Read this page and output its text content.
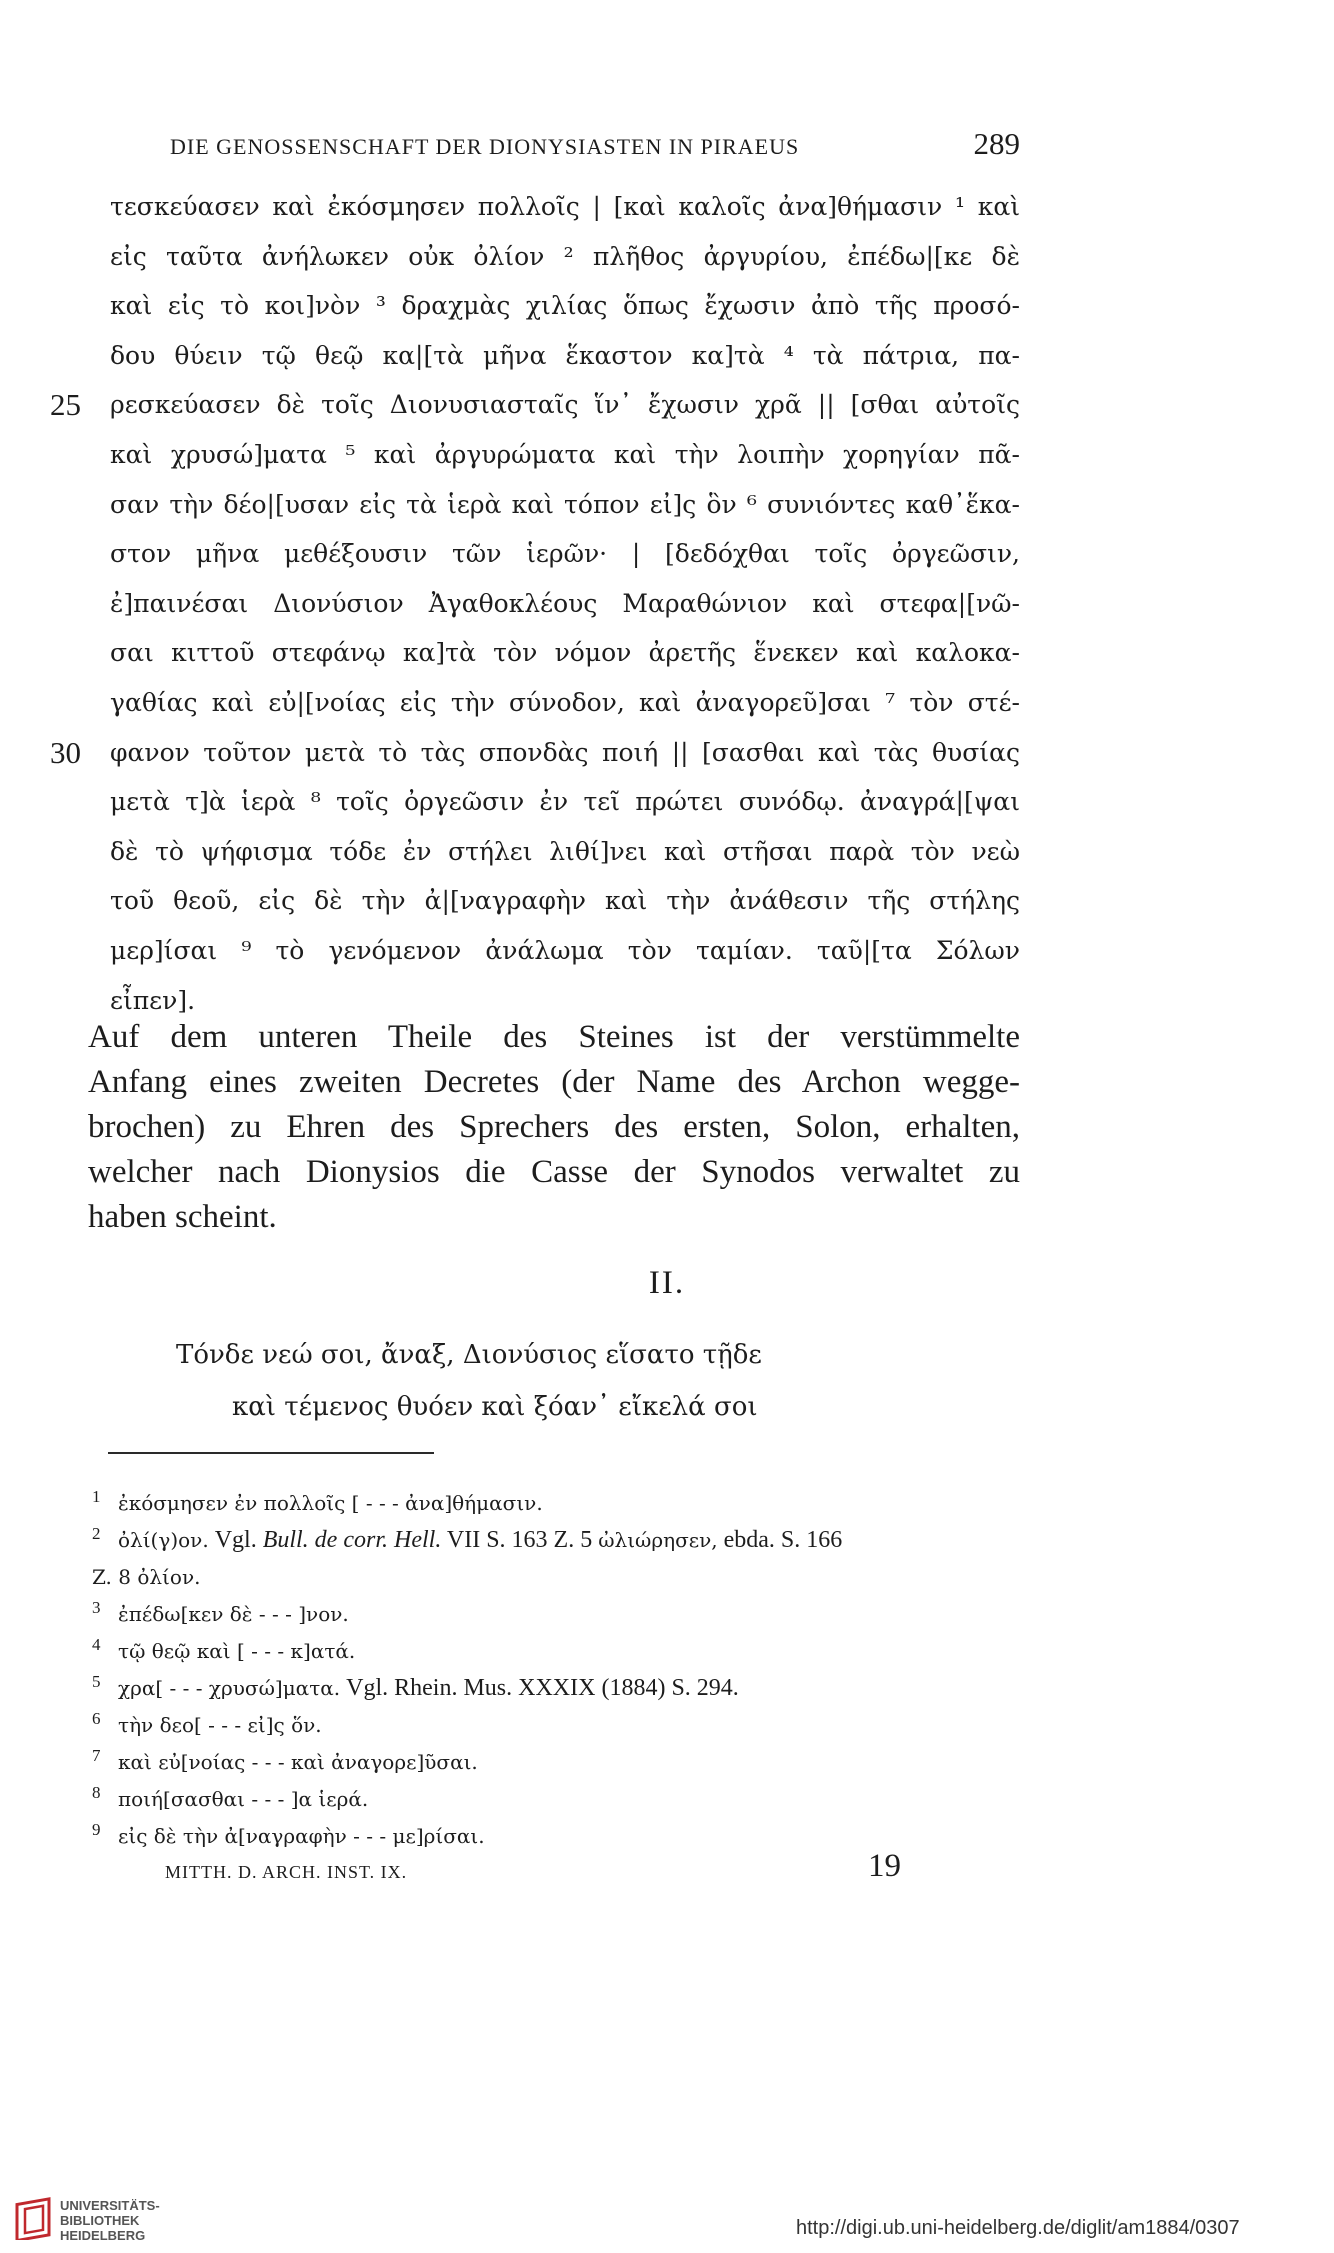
DIE GENOSSENSCHAFT DER DIONYSIASTEN IN PIRAEUS	289
τεσκεύασεν καὶ ἐκόσμησεν πολλοῖς | [καὶ καλοῖς ἀνα]θήμασιν ¹ καὶ
εἰς ταῦτα ἀνήλωκεν οὐκ ὀλίον ² πλῆθος ἀργυρίου, ἐπέδω|[κε δὲ
καὶ εἰς τὸ κοι]νὸν ³ δραχμὰς χιλίας ὅπως ἔχωσιν ἀπὸ τῆς προσό-
δου θύειν τῷ θεῷ κα|[τὰ μῆνα ἕκαστον κα]τὰ ⁴ τὰ πάτρια, πα-
25 ρεσκεύασεν δὲ τοῖς Διονυσιασταῖς ἵν᾽ ἔχωσιν χρᾶ || [σθαι αὐτοῖς
καὶ χρυσώ]ματα ⁵ καὶ ἀργυρώματα καὶ τὴν λοιπὴν χορηγίαν πᾶ-
σαν τὴν δέο|[υσαν εἰς τὰ ἱερὰ καὶ τόπον εἰ]ς ὃν ⁶ συνιόντες καθ᾽ἕκα-
στον μῆνα μεθέξουσιν τῶν ἱερῶν· | [δεδόχθαι τοῖς ὀργεῶσιν,
ἐ]παινέσαι Διονύσιον Ἀγαθοκλέους Μαραθώνιον καὶ στεφα|[νῶ-
σαι κιττοῦ στεφάνῳ κα]τὰ τὸν νόμον ἀρετῆς ἕνεκεν καὶ καλοκα-
γαθίας καὶ εὐ|[νοίας εἰς τὴν σύνοδον, καὶ ἀναγορεῦ]σαι ⁷ τὸν στέ-
30 φανον τοῦτον μετὰ τὸ τὰς σπονδὰς ποιή || [σασθαι καὶ τὰς θυσίας
μετὰ τ]ὰ ἱερὰ ⁸ τοῖς ὀργεῶσιν ἐν τεῖ πρώτει συνόδῳ. ἀναγρά|[ψαι
δὲ τὸ ψήφισμα τόδε ἐν στήλει λιθί]νει καὶ στῆσαι παρὰ τὸν νεὼ
τοῦ θεοῦ, εἰς δὲ τὴν ἀ|[ναγραφὴν καὶ τὴν ἀνάθεσιν τῆς στήλης
μερ]ίσαι ⁹ τὸ γενόμενον ἀνάλωμα τὸν ταμίαν. ταῦ|[τα Σόλων
εἶπεν].
Auf dem unteren Theile des Steines ist der verstümmelte
Anfang eines zweiten Decretes (der Name des Archon wegge-
brochen) zu Ehren des Sprechers des ersten, Solon, erhalten,
welcher nach Dionysios die Casse der Synodos verwaltet zu
haben scheint.
II.
Τόνδε νεώ σοι, ἄναξ, Διονύσιος εἵσατο τῇδε
καὶ τέμενος θυόεν καὶ ξόαν᾽ εἴκελά σοι
1 ἐκόσμησεν ἐν πολλοῖς [ - - - ἀνα]θήμασιν.
2 ὀλί(γ)ον. Vgl. Bull. de corr. Hell. VII S. 163 Z. 5 ὠλιώρησεν, ebda. S. 166
Z. 8 ὀλίον.
3 ἐπέδω[κεν δὲ - - - ]νον.
4 τῷ θεῷ καὶ [ - - - κ]ατά.
5 χρα[ - - - χρυσώ]ματα. Vgl. Rhein. Mus. XXXIX (1884) S. 294.
6 τὴν δεο[ - - - εἰ]ς ὅν.
7 καὶ εὐ[νοίας - - - καὶ ἀναγορε]ῦσαι.
8 ποιή[σασθαι - - - ]α ἱερά.
9 εἰς δὲ τὴν ἀ[ναγραφὴν - - - με]ρίσαι.
MITTH. D. ARCH. INST. IX.	19
UNIVERSITÄTS-
BIBLIOTHEK
HEIDELBERG	http://digi.ub.uni-heidelberg.de/diglit/am1884/0307
